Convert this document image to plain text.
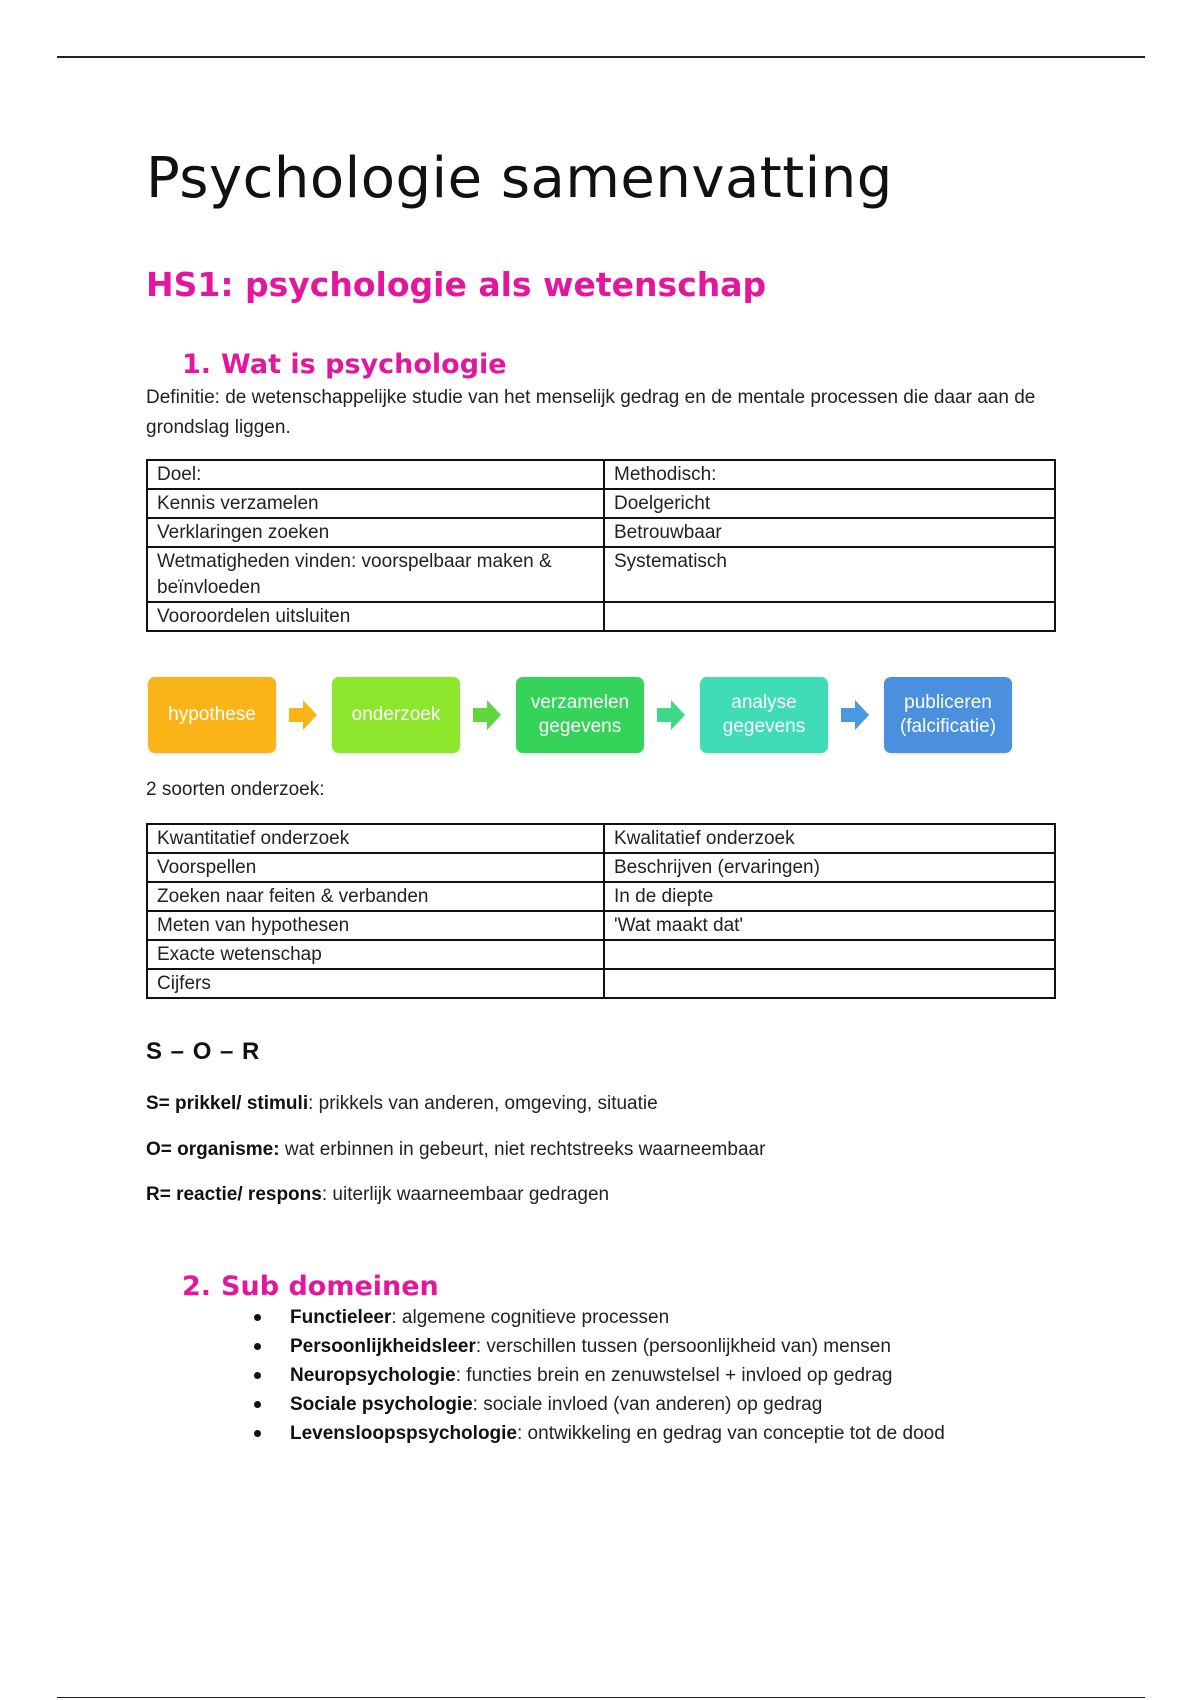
Psychologie samenvatting
HS1: psychologie als wetenschap
1. Wat is psychologie

Definitie: de wetenschappelijke studie van het menselijk gedrag en de mentale processen die daar aan de grondslag liggen.

Doel:	Methodisch:
Kennis verzamelen	Doelgericht
Verklaringen zoeken	Betrouwbaar
Wetmatigheden vinden: voorspelbaar maken & beïnvloeden	Systematisch
Vooroordelen uitsluiten	
hypothese	onderzoek
verzamelen gegevens
analyse gegevens
publiceren (falcificatie)

2 soorten onderzoek:

Kwantitatief onderzoek	Kwalitatief onderzoek
Voorspellen	Beschrijven (ervaringen)
Zoeken naar feiten & verbanden	In de diepte
Meten van hypothesen	'Wat maakt dat'
Exacte wetenschap	
Cijfers	
S – O – R

S= prikkel/ stimuli: prikkels van anderen, omgeving, situatie

O= organisme: wat erbinnen in gebeurt, niet rechtstreeks waarneembaar

R= reactie/ respons: uiterlijk waarneembaar gedragen

2. Sub domeinen
Functieleer: algemene cognitieve processen
Persoonlijkheidsleer: verschillen tussen (persoonlijkheid van) mensen
Neuropsychologie: functies brein en zenuwstelsel + invloed op gedrag
Sociale psychologie: sociale invloed (van anderen) op gedrag
Levensloopspsychologie: ontwikkeling en gedrag van conceptie tot de dood
